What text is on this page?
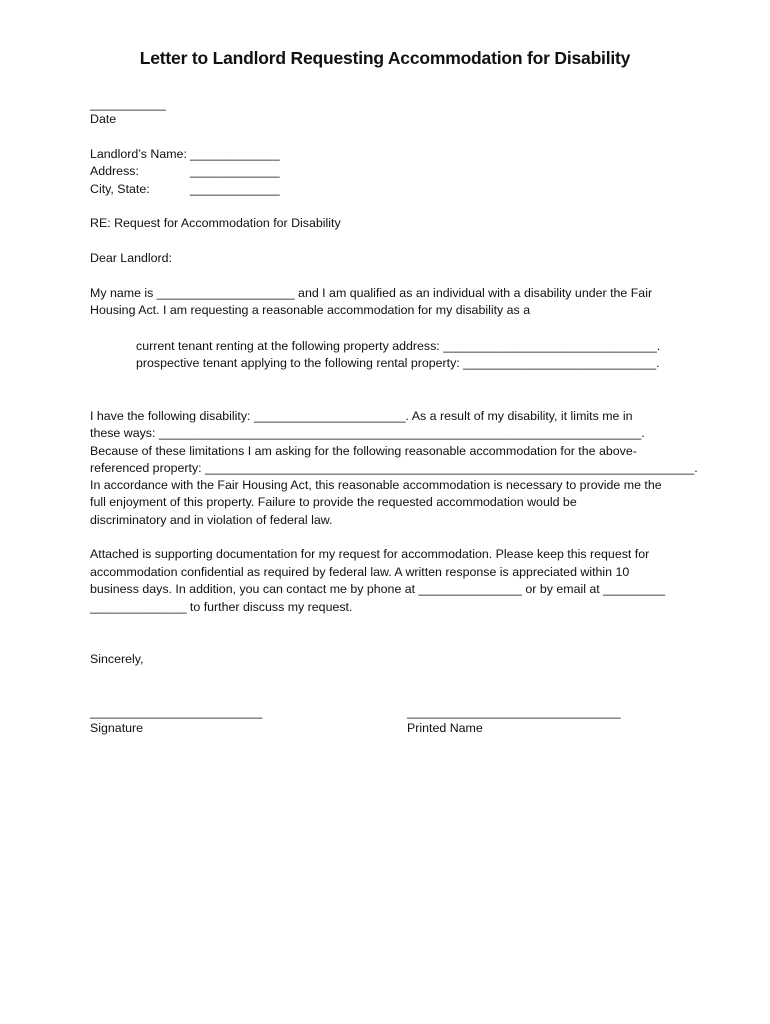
Letter to Landlord Requesting Accommodation for Disability
___________
Date
Landlord’s Name: _____________
Address:	_____________
City, State:	_____________
RE: Request for Accommodation for Disability
Dear Landlord:
My name is ____________________ and I am qualified as an individual with a disability under the Fair
Housing Act. I am requesting a reasonable accommodation for my disability as a
current tenant renting at the following property address: _______________________________.
prospective tenant applying to the following rental property: ____________________________.
I have the following disability: ______________________. As a result of my disability, it limits me in
these ways: ______________________________________________________________________.
Because of these limitations I am asking for the following reasonable accommodation for the above-
referenced property: _______________________________________________________________________.
In accordance with the Fair Housing Act, this reasonable accommodation is necessary to provide me the
full enjoyment of this property. Failure to provide the requested accommodation would be
discriminatory and in violation of federal law.
Attached is supporting documentation for my request for accommodation. Please keep this request for
accommodation confidential as required by federal law. A written response is appreciated within 10
business days. In addition, you can contact me by phone at _______________ or by email at _________
______________ to further discuss my request.
Sincerely,
_________________________
Signature
_______________________________
Printed Name
